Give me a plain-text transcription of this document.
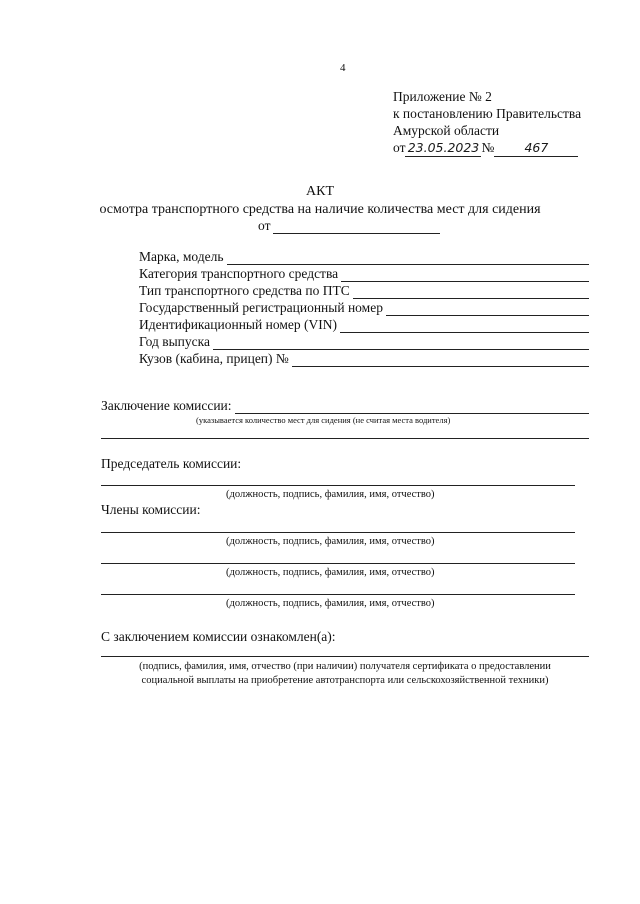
4
Приложение № 2
к постановлению Правительства
Амурской области
от 23.05.2023 № 467
АКТ
осмотра транспортного средства на наличие количества мест для сидения
от
Марка, модель
Категория транспортного средства
Тип транспортного средства по ПТС
Государственный регистрационный номер
Идентификационный номер (VIN)
Год выпуска
Кузов (кабина, прицеп) №
Заключение комиссии:
(указывается количество мест для сидения (не считая места водителя)
Председатель комиссии:
(должность, подпись, фамилия, имя, отчество)
Члены комиссии:
(должность, подпись, фамилия, имя, отчество)
(должность, подпись, фамилия, имя, отчество)
(должность, подпись, фамилия, имя, отчество)
С заключением комиссии ознакомлен(а):
(подпись, фамилия, имя, отчество (при наличии) получателя сертификата о предоставлении
социальной выплаты на приобретение автотранспорта или сельскохозяйственной техники)
